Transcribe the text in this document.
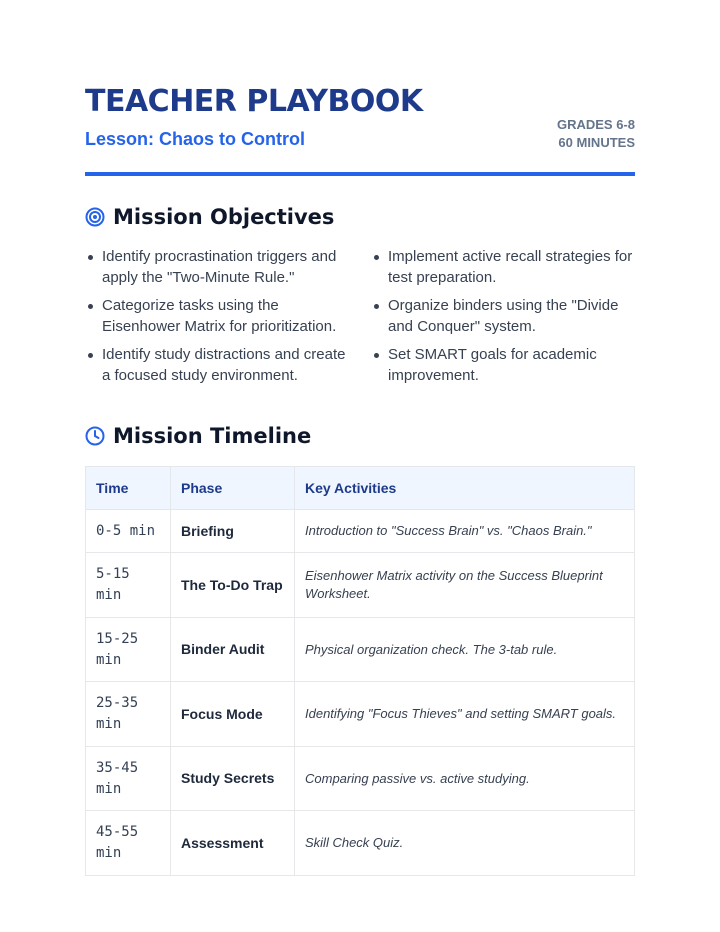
TEACHER PLAYBOOK
Lesson: Chaos to Control
GRADES 6-8
60 MINUTES
Mission Objectives
Identify procrastination triggers and apply the "Two-Minute Rule."
Categorize tasks using the Eisenhower Matrix for prioritization.
Identify study distractions and create a focused study environment.
Implement active recall strategies for test preparation.
Organize binders using the "Divide and Conquer" system.
Set SMART goals for academic improvement.
Mission Timeline
Time	Phase	Key Activities
0-5 min	Briefing	Introduction to "Success Brain" vs. "Chaos Brain."
5-15 min	The To-Do Trap	Eisenhower Matrix activity on the Success Blueprint Worksheet.
15-25 min	Binder Audit	Physical organization check. The 3-tab rule.
25-35 min	Focus Mode	Identifying "Focus Thieves" and setting SMART goals.
35-45 min	Study Secrets	Comparing passive vs. active studying.
45-55 min	Assessment	Skill Check Quiz.
